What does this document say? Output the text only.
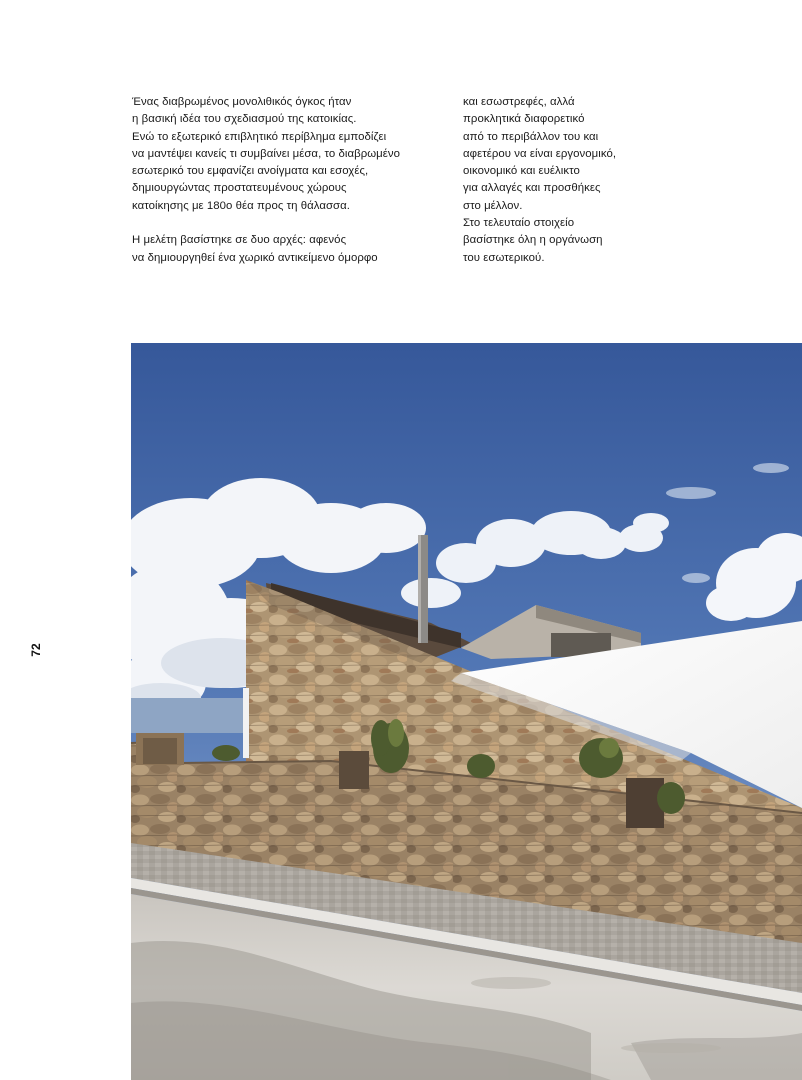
Ένας διαβρωμένος μονολιθικός όγκος ήταν
η βασική ιδέα του σχεδιασμού της κατοικίας.
Ενώ το εξωτερικό επιβλητικό περίβλημα εμποδίζει
να μαντέψει κανείς τι συμβαίνει μέσα, το διαβρωμένο
εσωτερικό του εμφανίζει ανοίγματα και εσοχές,
δημιουργώντας προστατευμένους χώρους
κατοίκησης με 180ο θέα προς τη θάλασσα.

Η μελέτη βασίστηκε σε δυο αρχές: αφενός
να δημιουργηθεί ένα χωρικό αντικείμενο όμορφο

και εσωστρεφές, αλλά
προκλητικά διαφορετικό
από το περιβάλλον του και
αφετέρου να είναι εργονομικό,
οικονομικό και ευέλικτο
για αλλαγές και προσθήκες
στο μέλλον.
Στο τελευταίο στοιχείο
βασίστηκε όλη η οργάνωση
του εσωτερικού.

72
